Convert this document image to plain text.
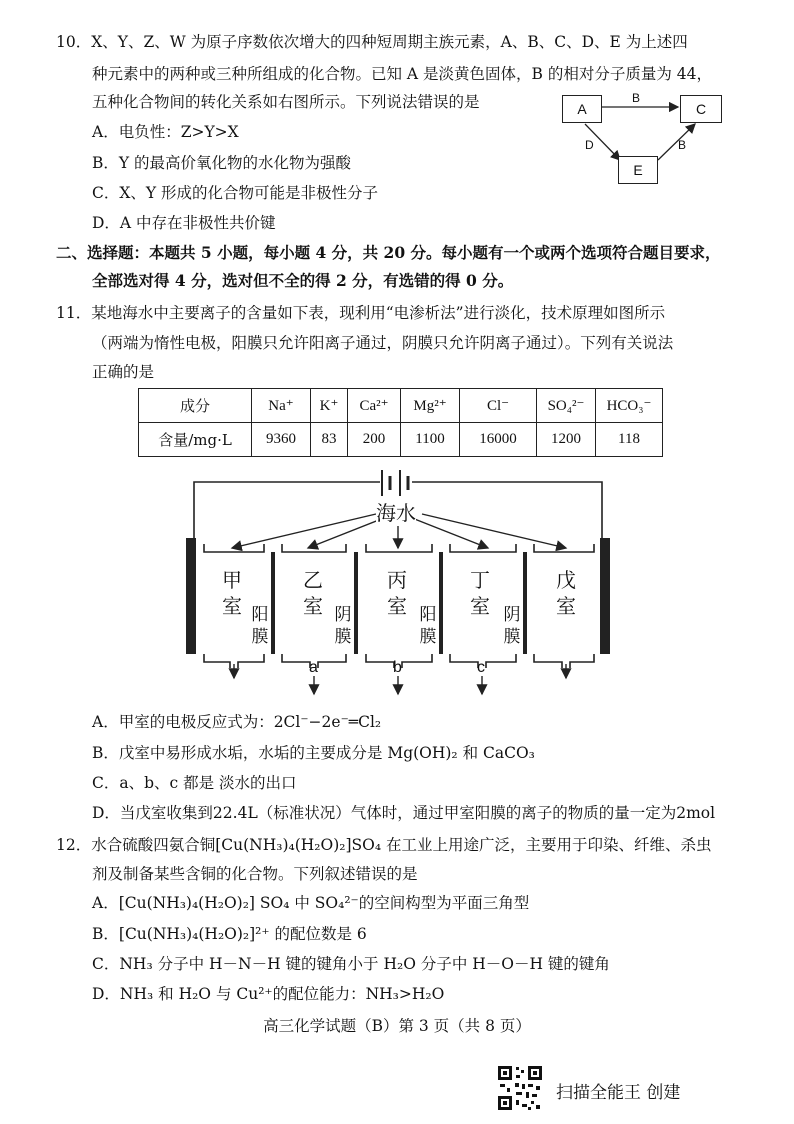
10．X、Y、Z、W 为原子序数依次增大的四种短周期主族元素，A、B、C、D、E 为上述四
种元素中的两种或三种所组成的化合物。已知 A 是淡黄色固体，B 的相对分子质量为 44，
五种化合物间的转化关系如右图所示。下列说法错误的是
A．电负性：Z>Y>X
B．Y 的最高价氧化物的水化物为强酸
C．X、Y 形成的化合物可能是非极性分子
D．A 中存在非极性共价键
A	C
E
B
D	B
二、选择题：本题共 5 小题，每小题 4 分，共 20 分。每小题有一个或两个选项符合题目要求，
全部选对得 4 分，选对但不全的得 2 分，有选错的得 0 分。
11．某地海水中主要离子的含量如下表，现利用“电渗析法”进行淡化，技术原理如图所示
（两端为惰性电极，阳膜只允许阳离子通过，阴膜只允许阴离子通过）。下列有关说法
正确的是
成分	Na⁺	K⁺	Ca²⁺	Mg²⁺	Cl⁻	SO₄²⁻	HCO₃⁻
含量/mg·L	9360	83	200	1100	16000	1200	118
海水
甲室
乙室
丙室
丁室
戊室
阳膜
阴膜
阳膜
阴膜
a	b	c
A．甲室的电极反应式为：2Cl⁻−2e⁻═Cl₂
B．戊室中易形成水垢，水垢的主要成分是 Mg(OH)₂ 和 CaCO₃
C．a、b、c 都是 淡水的出口
D．当戊室收集到22.4L（标准状况）气体时，通过甲室阳膜的离子的物质的量一定为2mol
12．水合硫酸四氨合铜[Cu(NH₃)₄(H₂O)₂]SO₄ 在工业上用途广泛，主要用于印染、纤维、杀虫
剂及制备某些含铜的化合物。下列叙述错误的是
A．[Cu(NH₃)₄(H₂O)₂] SO₄ 中 SO₄²⁻的空间构型为平面三角型
B．[Cu(NH₃)₄(H₂O)₂]²⁺ 的配位数是 6
C．NH₃ 分子中 H－N－H 键的键角小于 H₂O 分子中 H－O－H 键的键角
D．NH₃ 和 H₂O 与 Cu²⁺的配位能力：NH₃>H₂O
高三化学试题（B）第 3 页（共 8 页）
扫描全能王 创建
